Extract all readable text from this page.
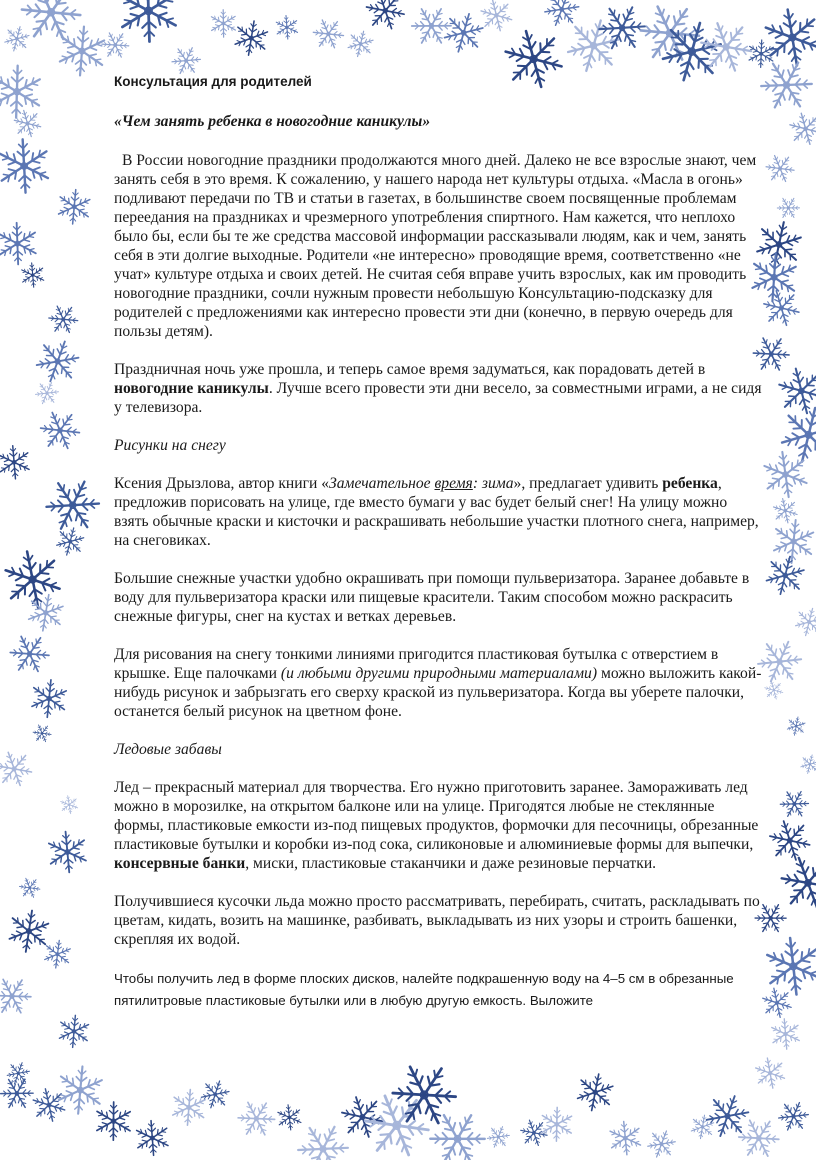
Консультация для родителей

«Чем занять ребенка в новогодние каникулы»

В России новогодние праздники продолжаются много дней. Далеко не все взрослые знают, чем занять себя в это время. К сожалению, у нашего народа нет культуры отдыха. «Масла в огонь» подливают передачи по ТВ и статьи в газетах, в большинстве своем посвященные проблемам переедания на праздниках и чрезмерного употребления спиртного. Нам кажется, что неплохо было бы, если бы те же средства массовой информации рассказывали людям, как и чем, занять себя в эти долгие выходные. Родители «не интересно» проводящие время, соответственно «не учат» культуре отдыха и своих детей. Не считая себя вправе учить взрослых, как им проводить новогодние праздники, сочли нужным провести небольшую Консультацию-подсказку для родителей с предложениями как интересно провести эти дни (конечно, в первую очередь для пользы детям).

Праздничная ночь уже прошла, и теперь самое время задуматься, как порадовать детей в новогодние каникулы. Лучше всего провести эти дни весело, за совместными играми, а не сидя у телевизора.

Рисунки на снегу

Ксения Дрызлова, автор книги «Замечательное время: зима», предлагает удивить ребенка, предложив порисовать на улице, где вместо бумаги у вас будет белый снег! На улицу можно взять обычные краски и кисточки и раскрашивать небольшие участки плотного снега, например, на снеговиках.

Большие снежные участки удобно окрашивать при помощи пульверизатора. Заранее добавьте в воду для пульверизатора краски или пищевые красители. Таким способом можно раскрасить снежные фигуры, снег на кустах и ветках деревьев.

Для рисования на снегу тонкими линиями пригодится пластиковая бутылка с отверстием в крышке. Еще палочками (и любыми другими природными материалами) можно выложить какой-нибудь рисунок и забрызгать его сверху краской из пульверизатора. Когда вы уберете палочки, останется белый рисунок на цветном фоне.

Ледовые забавы

Лед – прекрасный материал для творчества. Его нужно приготовить заранее. Замораживать лед можно в морозилке, на открытом балконе или на улице. Пригодятся любые не стеклянные формы, пластиковые емкости из-под пищевых продуктов, формочки для песочницы, обрезанные пластиковые бутылки и коробки из-под сока, силиконовые и алюминиевые формы для выпечки, консервные банки, миски, пластиковые стаканчики и даже резиновые перчатки.

Получившиеся кусочки льда можно просто рассматривать, перебирать, считать, раскладывать по цветам, кидать, возить на машинке, разбивать, выкладывать из них узоры и строить башенки, скрепляя их водой.

Чтобы получить лед в форме плоских дисков, налейте подкрашенную воду на 4–5 см в обрезанные пятилитровые пластиковые бутылки или в любую другую емкость. Выложите
